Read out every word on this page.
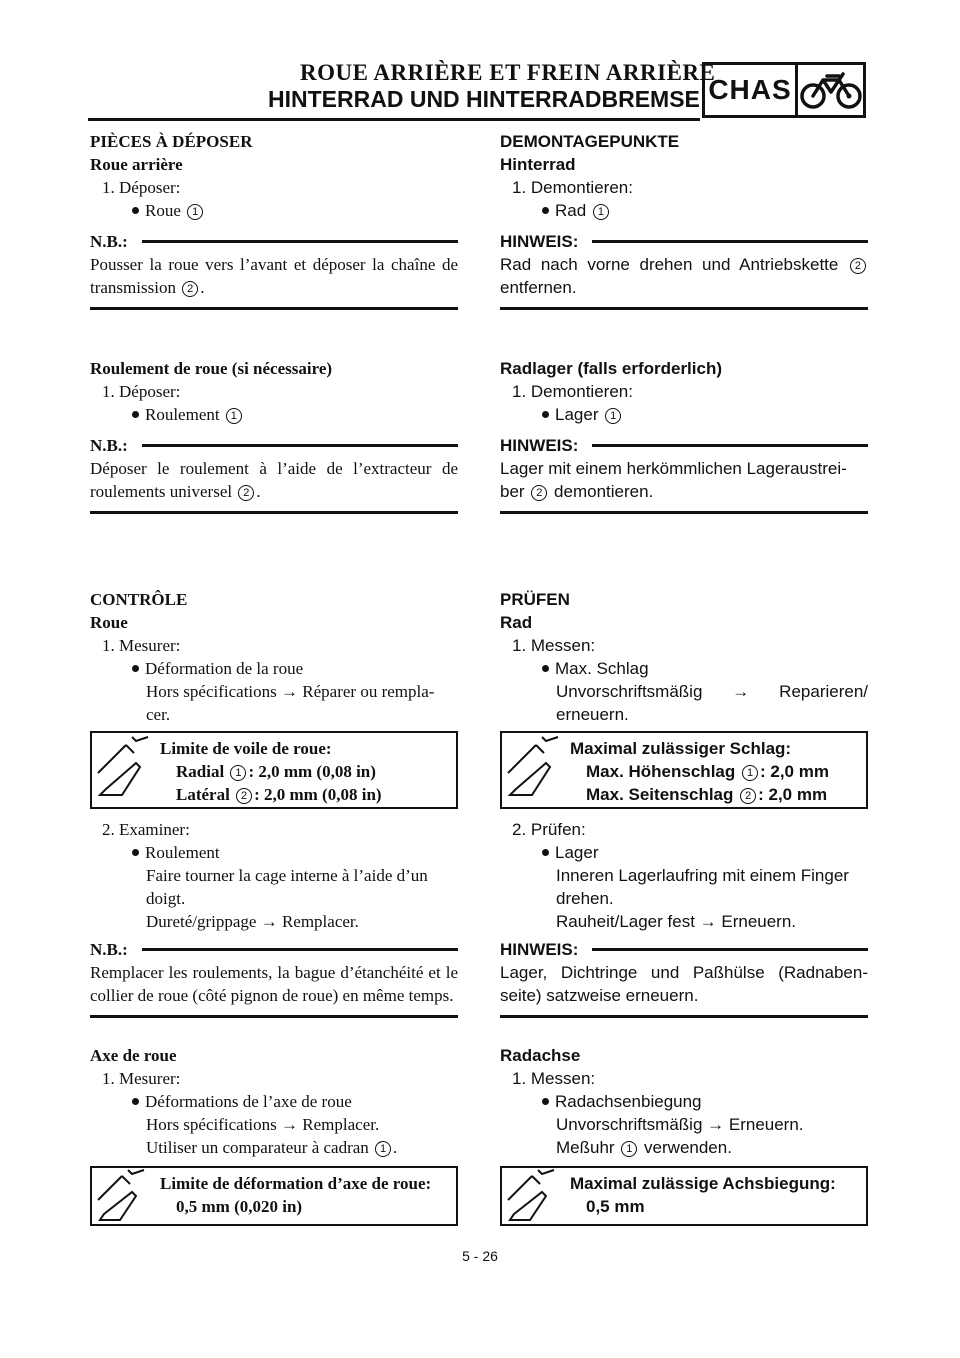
ROUE ARRIÈRE ET FREIN ARRIÈRE
HINTERRAD UND HINTERRADBREMSE CHAS
PIÈCES À DÉPOSER
Roue arrière
1. Déposer:
Roue 1
N.B.:
Pousser la roue vers l’avant et déposer la chaîne de transmission 2 .
Roulement de roue (si nécessaire)
1. Déposer:
Roulement 1
N.B.:
Déposer le roulement à l’aide de l’extracteur de roulements universel 2 .
CONTRÔLE
Roue
1. Mesurer:
Déformation de la roue
Hors spécifications → Réparer ou rempla-
cer.
Limite de voile de roue:
Radial 1 : 2,0 mm (0,08 in)
Latéral 2 : 2,0 mm (0,08 in)
2. Examiner:
Roulement
Faire tourner la cage interne à l’aide d’un
doigt.
Dureté/grippage → Remplacer.
N.B.:
Remplacer les roulements, la bague d’étanchéité et le collier de roue (côté pignon de roue) en même temps.
Axe de roue
1. Mesurer:
Déformations de l’axe de roue
Hors spécifications → Remplacer.
Utiliser un comparateur à cadran 1 .
Limite de déformation d’axe de roue:
0,5 mm (0,020 in)
DEMONTAGEPUNKTE
Hinterrad
1. Demontieren:
Rad 1
HINWEIS:
Rad nach vorne drehen und Antriebskette 2 entfernen.
Radlager (falls erforderlich)
1. Demontieren:
Lager 1
HINWEIS:
Lager mit einem herkömmlichen Lageraustrei-
ber 2 demontieren.
PRÜFEN
Rad
1. Messen:
Max. Schlag
Unvorschriftsmäßig → Reparieren/
erneuern.
Maximal zulässiger Schlag:
Max. Höhenschlag 1 : 2,0 mm
Max. Seitenschlag 2 : 2,0 mm
2. Prüfen:
Lager
Inneren Lagerlaufring mit einem Finger
drehen.
Rauheit/Lager fest → Erneuern.
HINWEIS:
Lager, Dichtringe und Paßhülse (Radnaben-seite) satzweise erneuern.
Radachse
1. Messen:
Radachsenbiegung
Unvorschriftsmäßig → Erneuern.
Meßuhr 1 verwenden.
Maximal zulässige Achsbiegung:
0,5 mm
5 - 26
